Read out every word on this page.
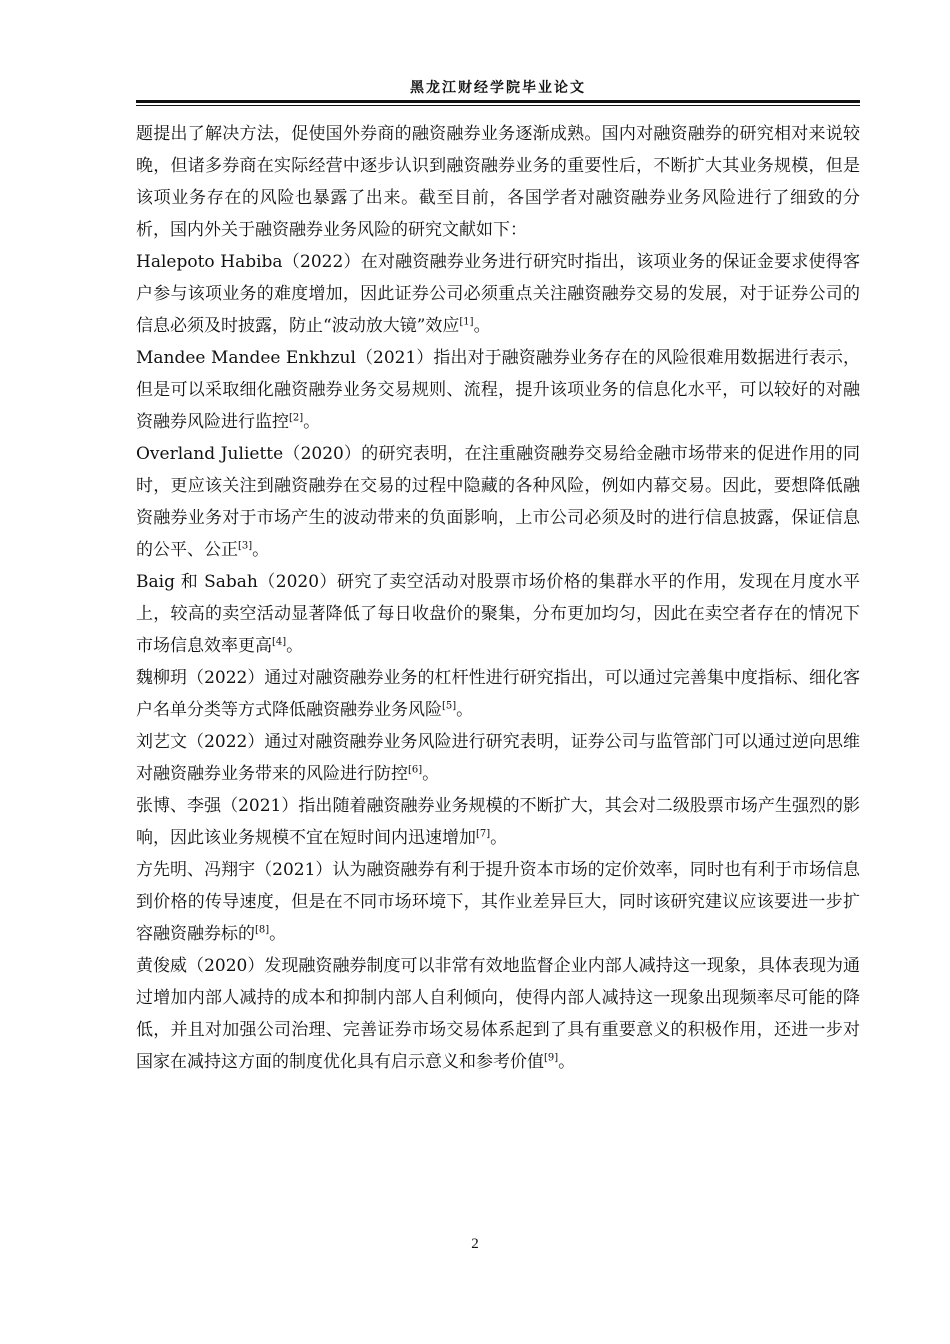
黑龙江财经学院毕业论文

题提出了解决方法，促使国外券商的融资融券业务逐渐成熟。国内对融资融券的研究相对来说较晚，但诸多券商在实际经营中逐步认识到融资融券业务的重要性后，不断扩大其业务规模，但是该项业务存在的风险也暴露了出来。截至目前，各国学者对融资融券业务风险进行了细致的分析，国内外关于融资融券业务风险的研究文献如下：

Halepoto Habiba（2022）在对融资融券业务进行研究时指出，该项业务的保证金要求使得客户参与该项业务的难度增加，因此证券公司必须重点关注融资融券交易的发展，对于证券公司的信息必须及时披露，防止“波动放大镜”效应[1]。

Mandee Mandee Enkhzul（2021）指出对于融资融券业务存在的风险很难用数据进行表示，但是可以采取细化融资融券业务交易规则、流程，提升该项业务的信息化水平，可以较好的对融资融券风险进行监控[2]。

Overland Juliette（2020）的研究表明，在注重融资融券交易给金融市场带来的促进作用的同时，更应该关注到融资融券在交易的过程中隐藏的各种风险，例如内幕交易。因此，要想降低融资融券业务对于市场产生的波动带来的负面影响，上市公司必须及时的进行信息披露，保证信息的公平、公正[3]。

Baig 和 Sabah（2020）研究了卖空活动对股票市场价格的集群水平的作用，发现在月度水平上，较高的卖空活动显著降低了每日收盘价的聚集，分布更加均匀，因此在卖空者存在的情况下市场信息效率更高[4]。

魏柳玥（2022）通过对融资融券业务的杠杆性进行研究指出，可以通过完善集中度指标、细化客户名单分类等方式降低融资融券业务风险[5]。

刘艺文（2022）通过对融资融券业务风险进行研究表明，证券公司与监管部门可以通过逆向思维对融资融券业务带来的风险进行防控[6]。

张博、李强（2021）指出随着融资融券业务规模的不断扩大，其会对二级股票市场产生强烈的影响，因此该业务规模不宜在短时间内迅速增加[7]。

方先明、冯翔宇（2021）认为融资融券有利于提升资本市场的定价效率，同时也有利于市场信息到价格的传导速度，但是在不同市场环境下，其作业差异巨大，同时该研究建议应该要进一步扩容融资融券标的[8]。

黄俊威（2020）发现融资融券制度可以非常有效地监督企业内部人减持这一现象，具体表现为通过增加内部人减持的成本和抑制内部人自利倾向，使得内部人减持这一现象出现频率尽可能的降低，并且对加强公司治理、完善证券市场交易体系起到了具有重要意义的积极作用，还进一步对国家在减持这方面的制度优化具有启示意义和参考价值[9]。

2
